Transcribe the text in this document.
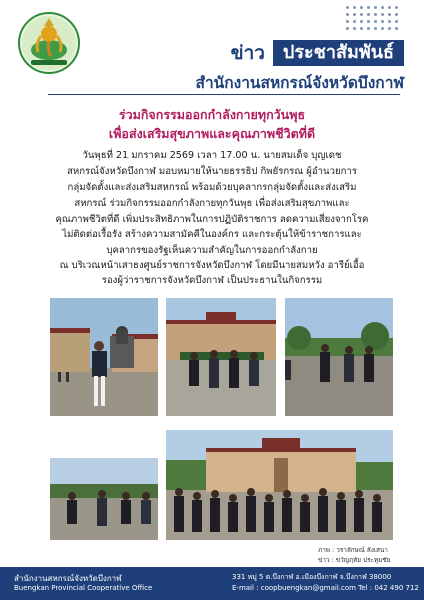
ข่าว	ประชาสัมพันธ์
สำนักงานสหกรณ์จังหวัดบึงกาฬ
ร่วมกิจกรรมออกกำลังกายทุกวันพุธ
เพื่อส่งเสริมสุขภาพและคุณภาพชีวิตที่ดี
วันพุธที่ 21 มกราคม 2569 เวลา 17.00 น. นายสมเด็จ บุญเดช
สหกรณ์จังหวัดบึงกาฬ มอบหมายให้นายธรรธิป กิพยัรกรณ ผู้อำนวยการ
กลุ่มจัดตั้งและส่งเสริมสหกรณ์ พร้อมด้วยบุคลากรกลุ่มจัดตั้งและส่งเสริม
สหกรณ์ ร่วมกิจกรรมออกกำลังกายทุกวันพุธ เพื่อส่งเสริมสุขภาพและ
คุณภาพชีวิตที่ดี เพิ่มประสิทธิภาพในการปฏิบัติราชการ ลดความเสี่ยงจากโรค
ไม่ติดต่อเรื้อรัง สร้างความสามัคคีในองค์กร และกระตุ้นให้ข้าราชการและ
บุคลากรของรัฐเห็นความสำคัญในการออกกำลังกาย
ณ บริเวณหน้าเสาธงศูนย์ราชการจังหวัดบึงกาฬ โดยมีนายสมหวัง อารีย์เอื้อ
รองผู้ว่าราชการจังหวัดบึงกาฬ เป็นประธานในกิจกรรม
ภาพ : วราลักษณ์ ลังเสนา
ข่าว : ขวัญฤทัย ประทุมชัย
สำนักงานสหกรณ์จังหวัดบึงกาฬ
Buengkan Provincial Cooperative Office
331 หมู่ 5 ต.บึงกาฬ อ.เมืองบึงกาฬ จ.บึงกาฬ 38000
E-mail : coopbuengkan@gmail.com Tel : 042 490 712
